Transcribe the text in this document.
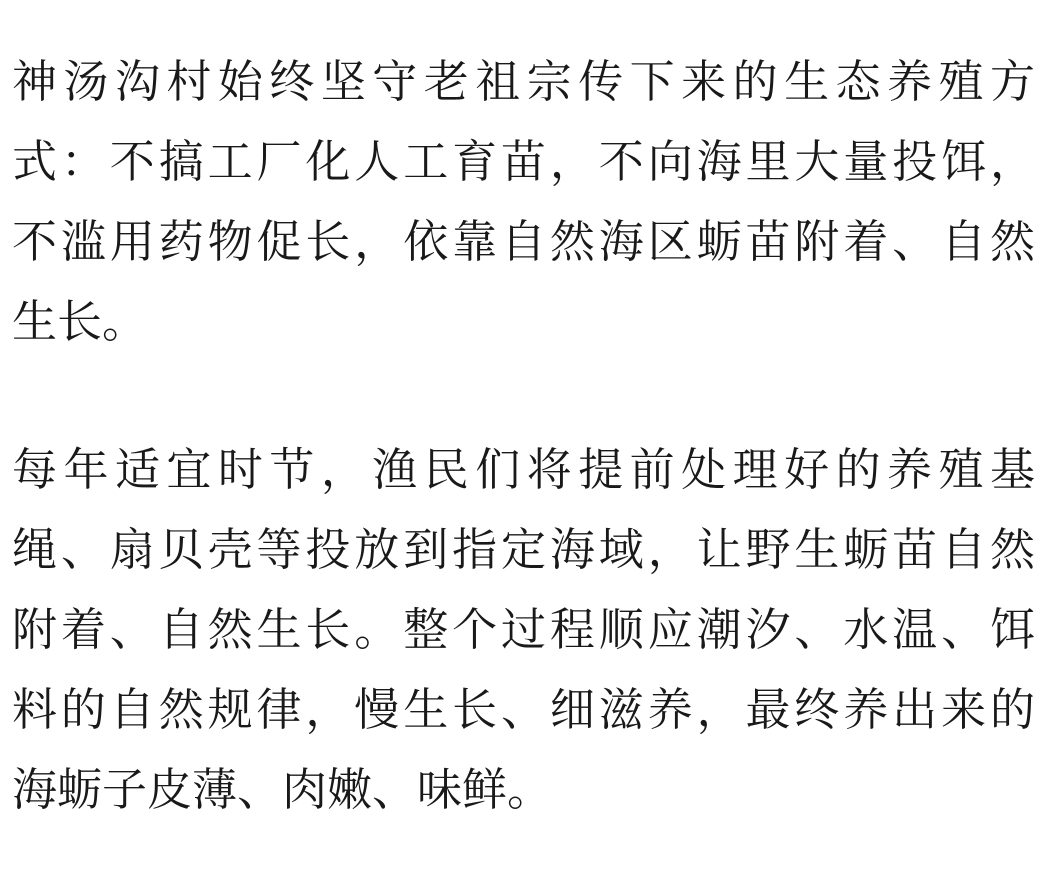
神汤沟村始终坚守老祖宗传下来的生态养殖方
式：不搞工厂化人工育苗，不向海里大量投饵，
不滥用药物促长，依靠自然海区蛎苗附着、自然
生长。
每年适宜时节，渔民们将提前处理好的养殖基
绳、扇贝壳等投放到指定海域，让野生蛎苗自然
附着、自然生长。整个过程顺应潮汐、水温、饵
料的自然规律，慢生长、细滋养，最终养出来的
海蛎子皮薄、肉嫩、味鲜。
